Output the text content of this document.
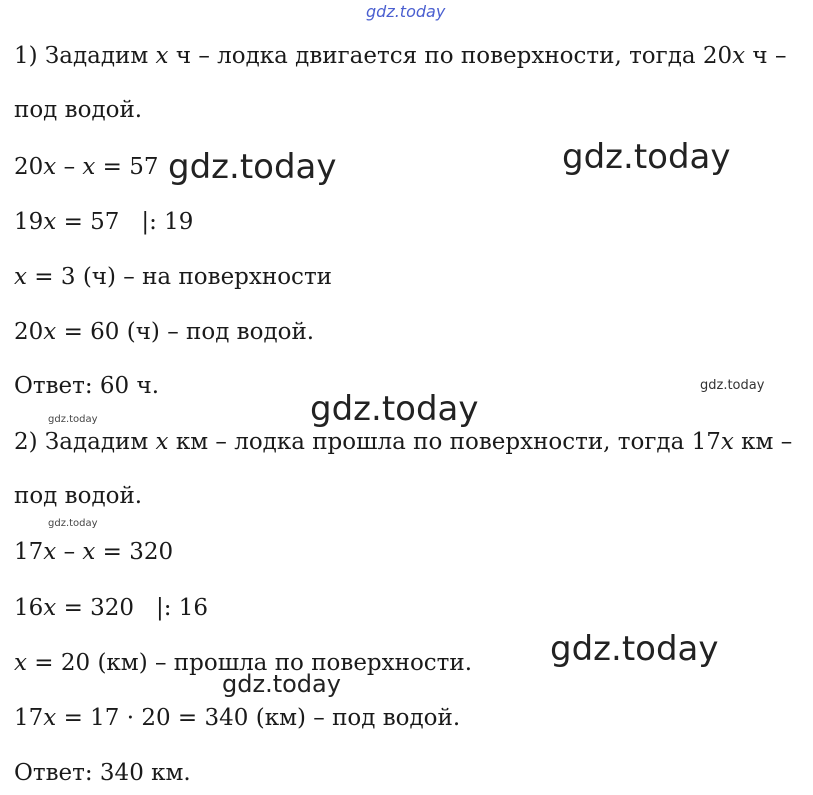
gdz.today
gdz.today	gdz.today
gdz.today
gdz.today
gdz.today
gdz.today
gdz.today
gdz.today
1) Зададим x ч – лодка двигается по поверхности, тогда 20x ч –
под водой.
20x – x = 57
19x = 57   |: 19
x = 3 (ч) – на поверхности
20x = 60 (ч) – под водой.
Ответ: 60 ч.
2) Зададим x км – лодка прошла по поверхности, тогда 17x км –
под водой.
17x – x = 320
16x = 320   |: 16
x = 20 (км) – прошла по поверхности.
17x = 17 · 20 = 340 (км) – под водой.
Ответ: 340 км.
